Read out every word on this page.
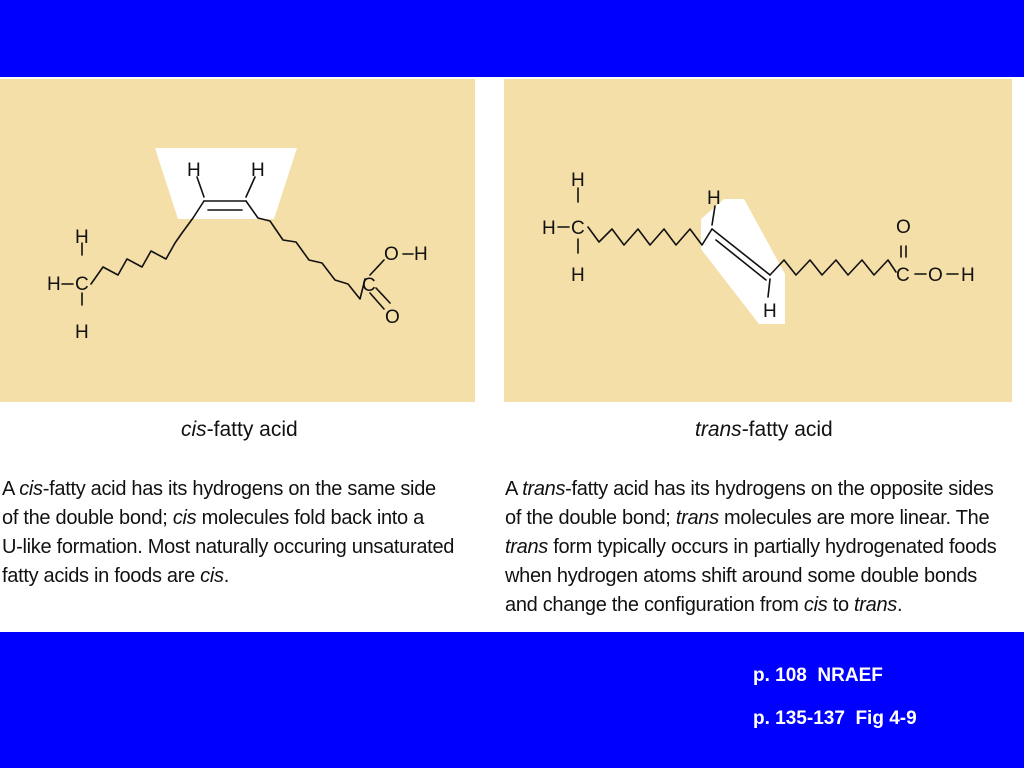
H
H C
H
H	H
C
O H
O
H
H C
H
H
H
C
O
O H
cis-fatty acid	trans-fatty acid
A cis-fatty acid has its hydrogens on the same side
of the double bond; cis molecules fold back into a
U-like formation. Most naturally occuring unsaturated
fatty acids in foods are cis.
A trans-fatty acid has its hydrogens on the opposite sides
of the double bond; trans molecules are more linear. The
trans form typically occurs in partially hydrogenated foods
when hydrogen atoms shift around some double bonds
and change the configuration from cis to trans.
p. 108  NRAEF
p. 135-137  Fig 4-9
